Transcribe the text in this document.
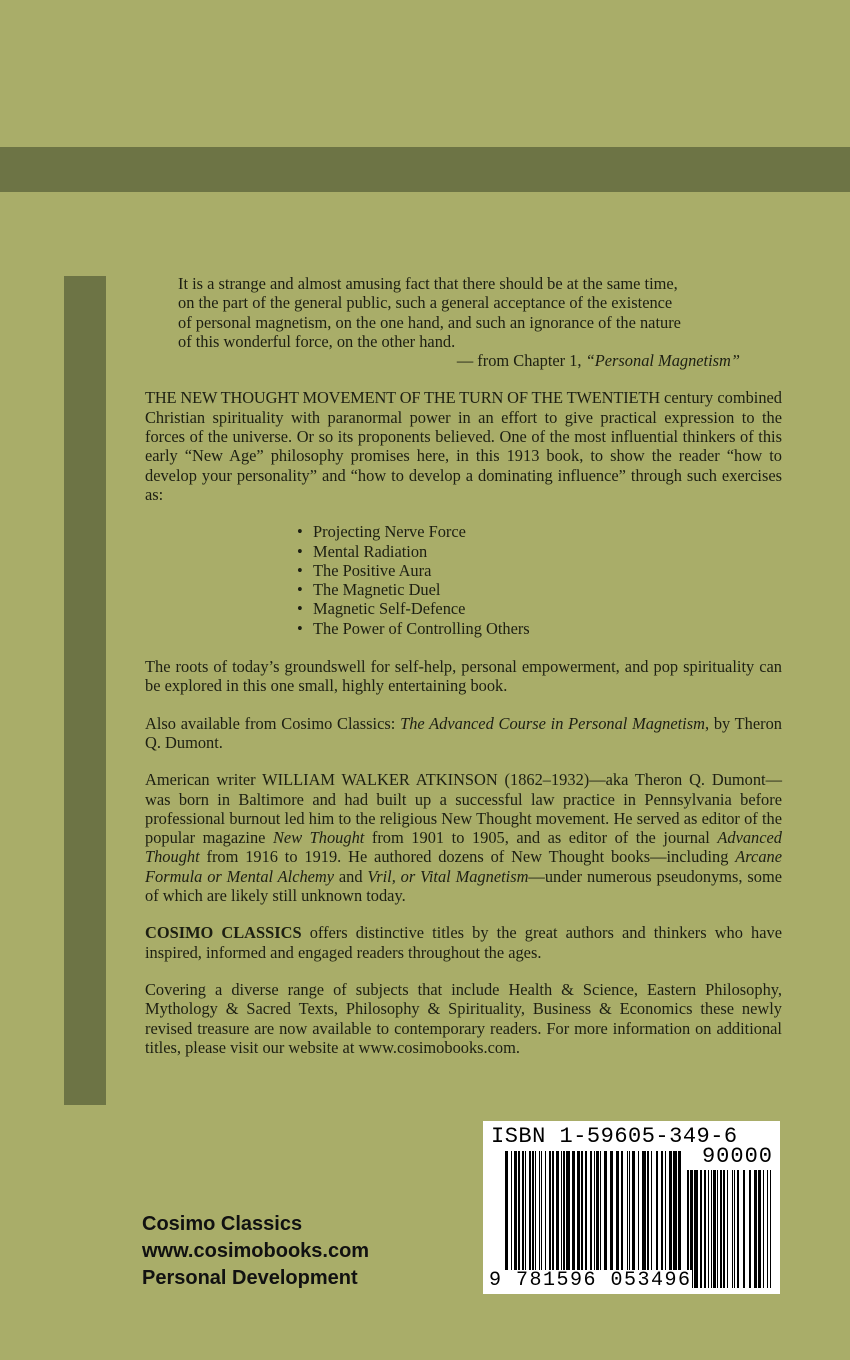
It is a strange and almost amusing fact that there should be at the same time,

on the part of the general public, such a general acceptance of the existence

of personal magnetism, on the one hand, and such an ignorance of the nature

of this wonderful force, on the other hand.

— from Chapter 1, “Personal Magnetism”

THE NEW THOUGHT MOVEMENT OF THE TURN OF THE TWENTIETH century combined Christian spirituality with paranormal power in an effort to give practical expression to the forces of the universe. Or so its proponents believed. One of the most influential thinkers of this early “New Age” philosophy promises here, in this 1913 book, to show the reader “how to develop your personality” and “how to develop a dominating influence” through such exercises as:

• Projecting Nerve Force
• Mental Radiation
• The Positive Aura
• The Magnetic Duel
• Magnetic Self-Defence
• The Power of Controlling Others

The roots of today’s groundswell for self-help, personal empowerment, and pop spirituality can be explored in this one small, highly entertaining book.

Also available from Cosimo Classics: The Advanced Course in Personal Magnetism, by Theron Q. Dumont.

American writer WILLIAM WALKER ATKINSON (1862–1932)—aka Theron Q. Dumont—was born in Baltimore and had built up a successful law practice in Pennsylvania before professional burnout led him to the religious New Thought movement. He served as editor of the popular magazine New Thought from 1901 to 1905, and as editor of the journal Advanced Thought from 1916 to 1919. He authored dozens of New Thought books—including Arcane Formula or Mental Alchemy and Vril, or Vital Magnetism—under numerous pseudonyms, some of which are likely still unknown today.

COSIMO CLASSICS offers distinctive titles by the great authors and thinkers who have inspired, informed and engaged readers throughout the ages.

Covering a diverse range of subjects that include Health & Science, Eastern Philosophy, Mythology & Sacred Texts, Philosophy & Spirituality, Business & Economics these newly revised treasure are now available to contemporary readers. For more information on additional titles, please visit our website at www.cosimobooks.com.

Cosimo Classics
www.cosimobooks.com
Personal Development
ISBN 1-59605-349-6
90000
9 781596 053496
